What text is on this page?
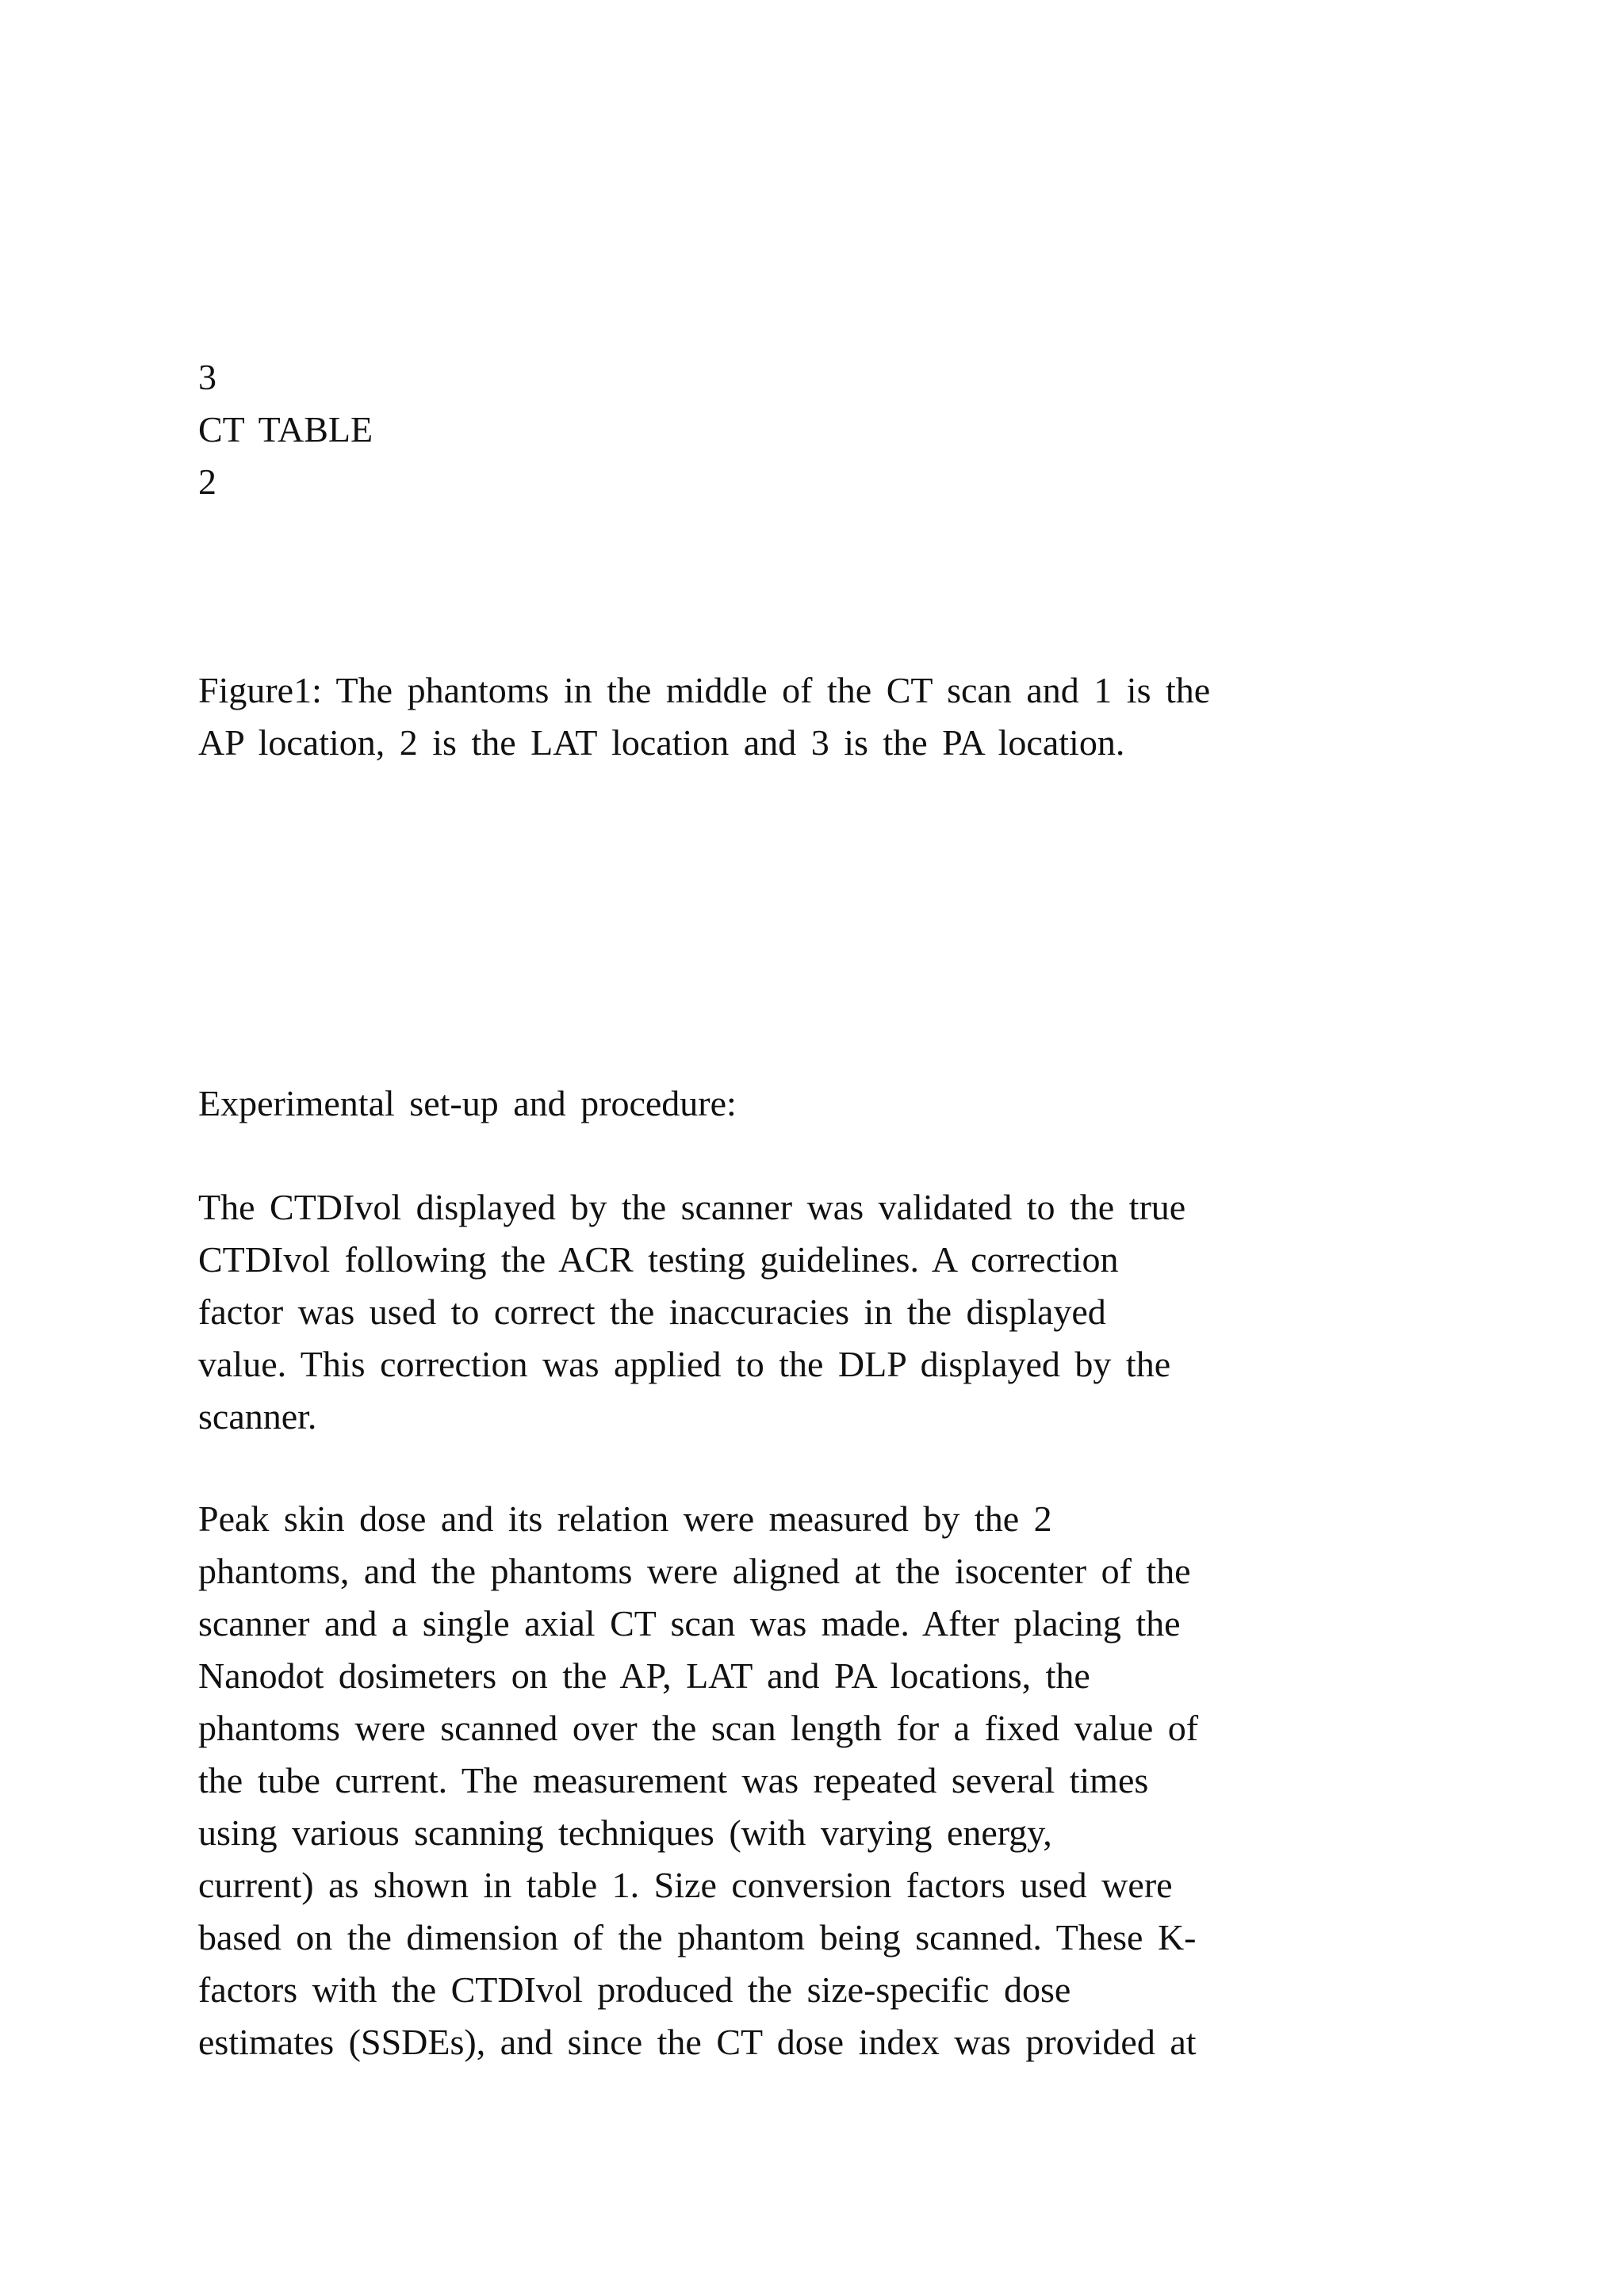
3
CT TABLE
2
Figure1: The phantoms in the middle of the CT scan and 1 is the
AP location, 2 is the LAT location and 3 is the PA location.
Experimental set-up and procedure:
The CTDIvol displayed by the scanner was validated to the true
CTDIvol following the ACR testing guidelines. A correction
factor was used to correct the inaccuracies in the displayed
value. This correction was applied to the DLP displayed by the
scanner.
Peak skin dose and its relation were measured by the 2
phantoms, and the phantoms were aligned at the isocenter of the
scanner and a single axial CT scan was made. After placing the
Nanodot dosimeters on the AP, LAT and PA locations, the
phantoms were scanned over the scan length for a fixed value of
the tube current. The measurement was repeated several times
using various scanning techniques (with varying energy,
current) as shown in table 1. Size conversion factors used were
based on the dimension of the phantom being scanned. These K-
factors with the CTDIvol produced the size-specific dose
estimates (SSDEs), and since the CT dose index was provided at
